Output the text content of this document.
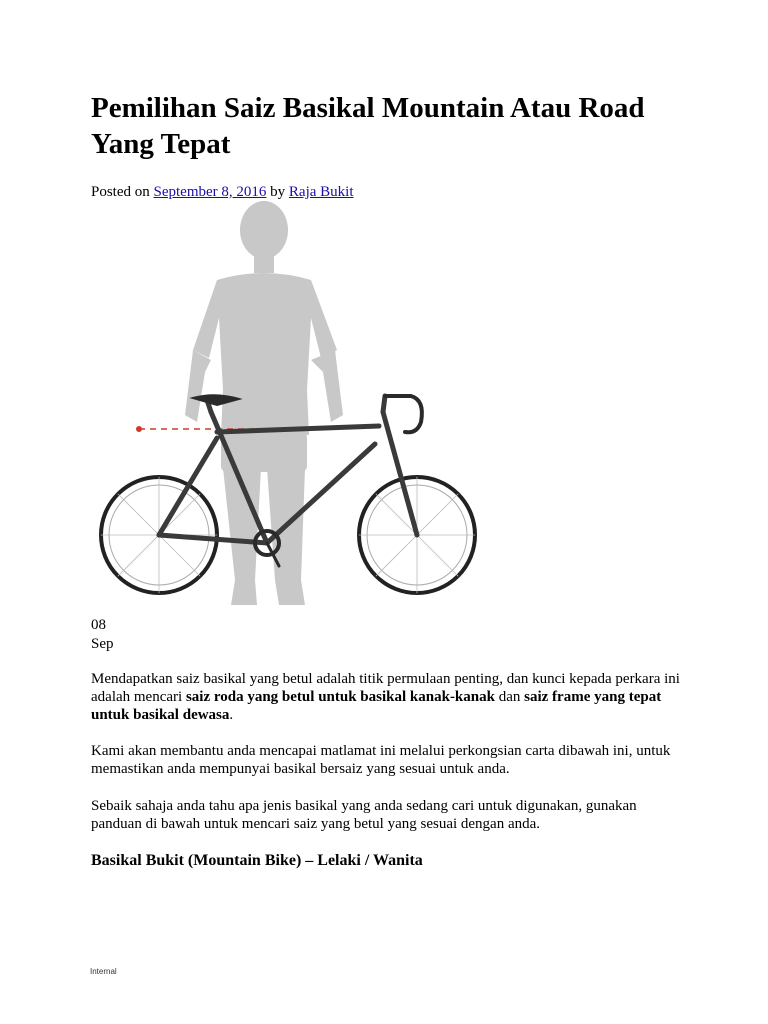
Pemilihan Saiz Basikal Mountain Atau Road Yang Tepat
Posted on September 8, 2016 by Raja Bukit
08
Sep

Mendapatkan saiz basikal yang betul adalah titik permulaan penting, dan kunci kepada perkara ini adalah mencari saiz roda yang betul untuk basikal kanak-kanak dan saiz frame yang tepat untuk basikal dewasa.

Kami akan membantu anda mencapai matlamat ini melalui perkongsian carta dibawah ini, untuk memastikan anda mempunyai basikal bersaiz yang sesuai untuk anda.

Sebaik sahaja anda tahu apa jenis basikal yang anda sedang cari untuk digunakan, gunakan panduan di bawah untuk mencari saiz yang betul yang sesuai dengan anda.

Basikal Bukit (Mountain Bike) – Lelaki / Wanita
Internal
